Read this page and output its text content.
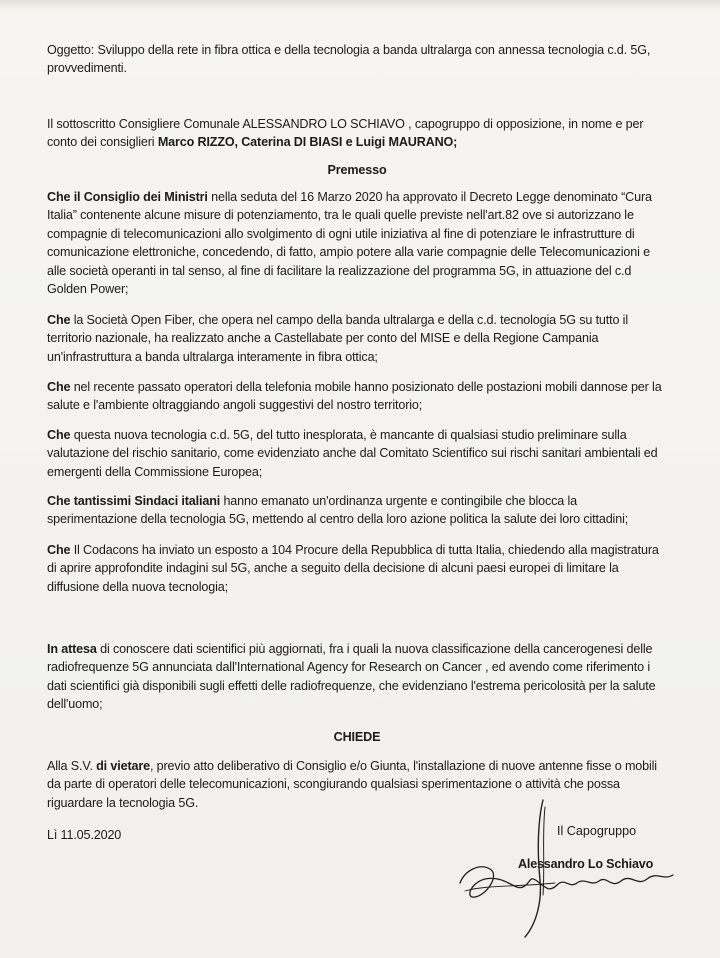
Oggetto: Sviluppo della rete in fibra ottica e della tecnologia a banda ultralarga con annessa tecnologia c.d. 5G, provvedimenti.

Il sottoscritto Consigliere Comunale ALESSANDRO LO SCHIAVO , capogruppo di opposizione, in nome e per conto dei consiglieri Marco RIZZO, Caterina DI BIASI e Luigi MAURANO;

Premesso

Che il Consiglio dei Ministri nella seduta del 16 Marzo 2020 ha approvato il Decreto Legge denominato “Cura Italia” contenente alcune misure di potenziamento, tra le quali quelle previste nell'art.82 ove si autorizzano le compagnie di telecomunicazioni allo svolgimento di ogni utile iniziativa al fine di potenziare le infrastrutture di comunicazione elettroniche, concedendo, di fatto, ampio potere alla varie compagnie delle Telecomunicazioni e alle società operanti in tal senso, al fine di facilitare la realizzazione del programma 5G, in attuazione del c.d Golden Power;

Che la Società Open Fiber, che opera nel campo della banda ultralarga e della c.d. tecnologia 5G su tutto il territorio nazionale, ha realizzato anche a Castellabate per conto del MISE e della Regione Campania un'infrastruttura a banda ultralarga interamente in fibra ottica;

Che nel recente passato operatori della telefonia mobile hanno posizionato delle postazioni mobili dannose per la salute e l'ambiente oltraggiando angoli suggestivi del nostro territorio;

Che questa nuova tecnologia c.d. 5G, del tutto inesplorata, è mancante di qualsiasi studio preliminare sulla valutazione del rischio sanitario, come evidenziato anche dal Comitato Scientifico sui rischi sanitari ambientali ed emergenti della Commissione Europea;

Che tantissimi Sindaci italiani hanno emanato un'ordinanza urgente e contingibile che blocca la sperimentazione della tecnologia 5G, mettendo al centro della loro azione politica la salute dei loro cittadini;

Che Il Codacons ha inviato un esposto a 104 Procure della Repubblica di tutta Italia, chiedendo alla magistratura di aprire approfondite indagini sul 5G, anche a seguito della decisione di alcuni paesi europei di limitare la diffusione della nuova tecnologia;

In attesa di conoscere dati scientifici più aggiornati, fra i quali la nuova classificazione della cancerogenesi delle radiofrequenze 5G annunciata dall'International Agency for Research on Cancer , ed avendo come riferimento i dati scientifici già disponibili sugli effetti delle radiofrequenze, che evidenziano l'estrema pericolosità per la salute dell'uomo;

CHIEDE

Alla S.V. di vietare, previo atto deliberativo di Consiglio e/o Giunta, l'installazione di nuove antenne fisse o mobili da parte di operatori delle telecomunicazioni, scongiurando qualsiasi sperimentazione o attività che possa riguardare la tecnologia 5G.

Lì 11.05.2020	Il Capogruppo
Alessandro Lo Schiavo
